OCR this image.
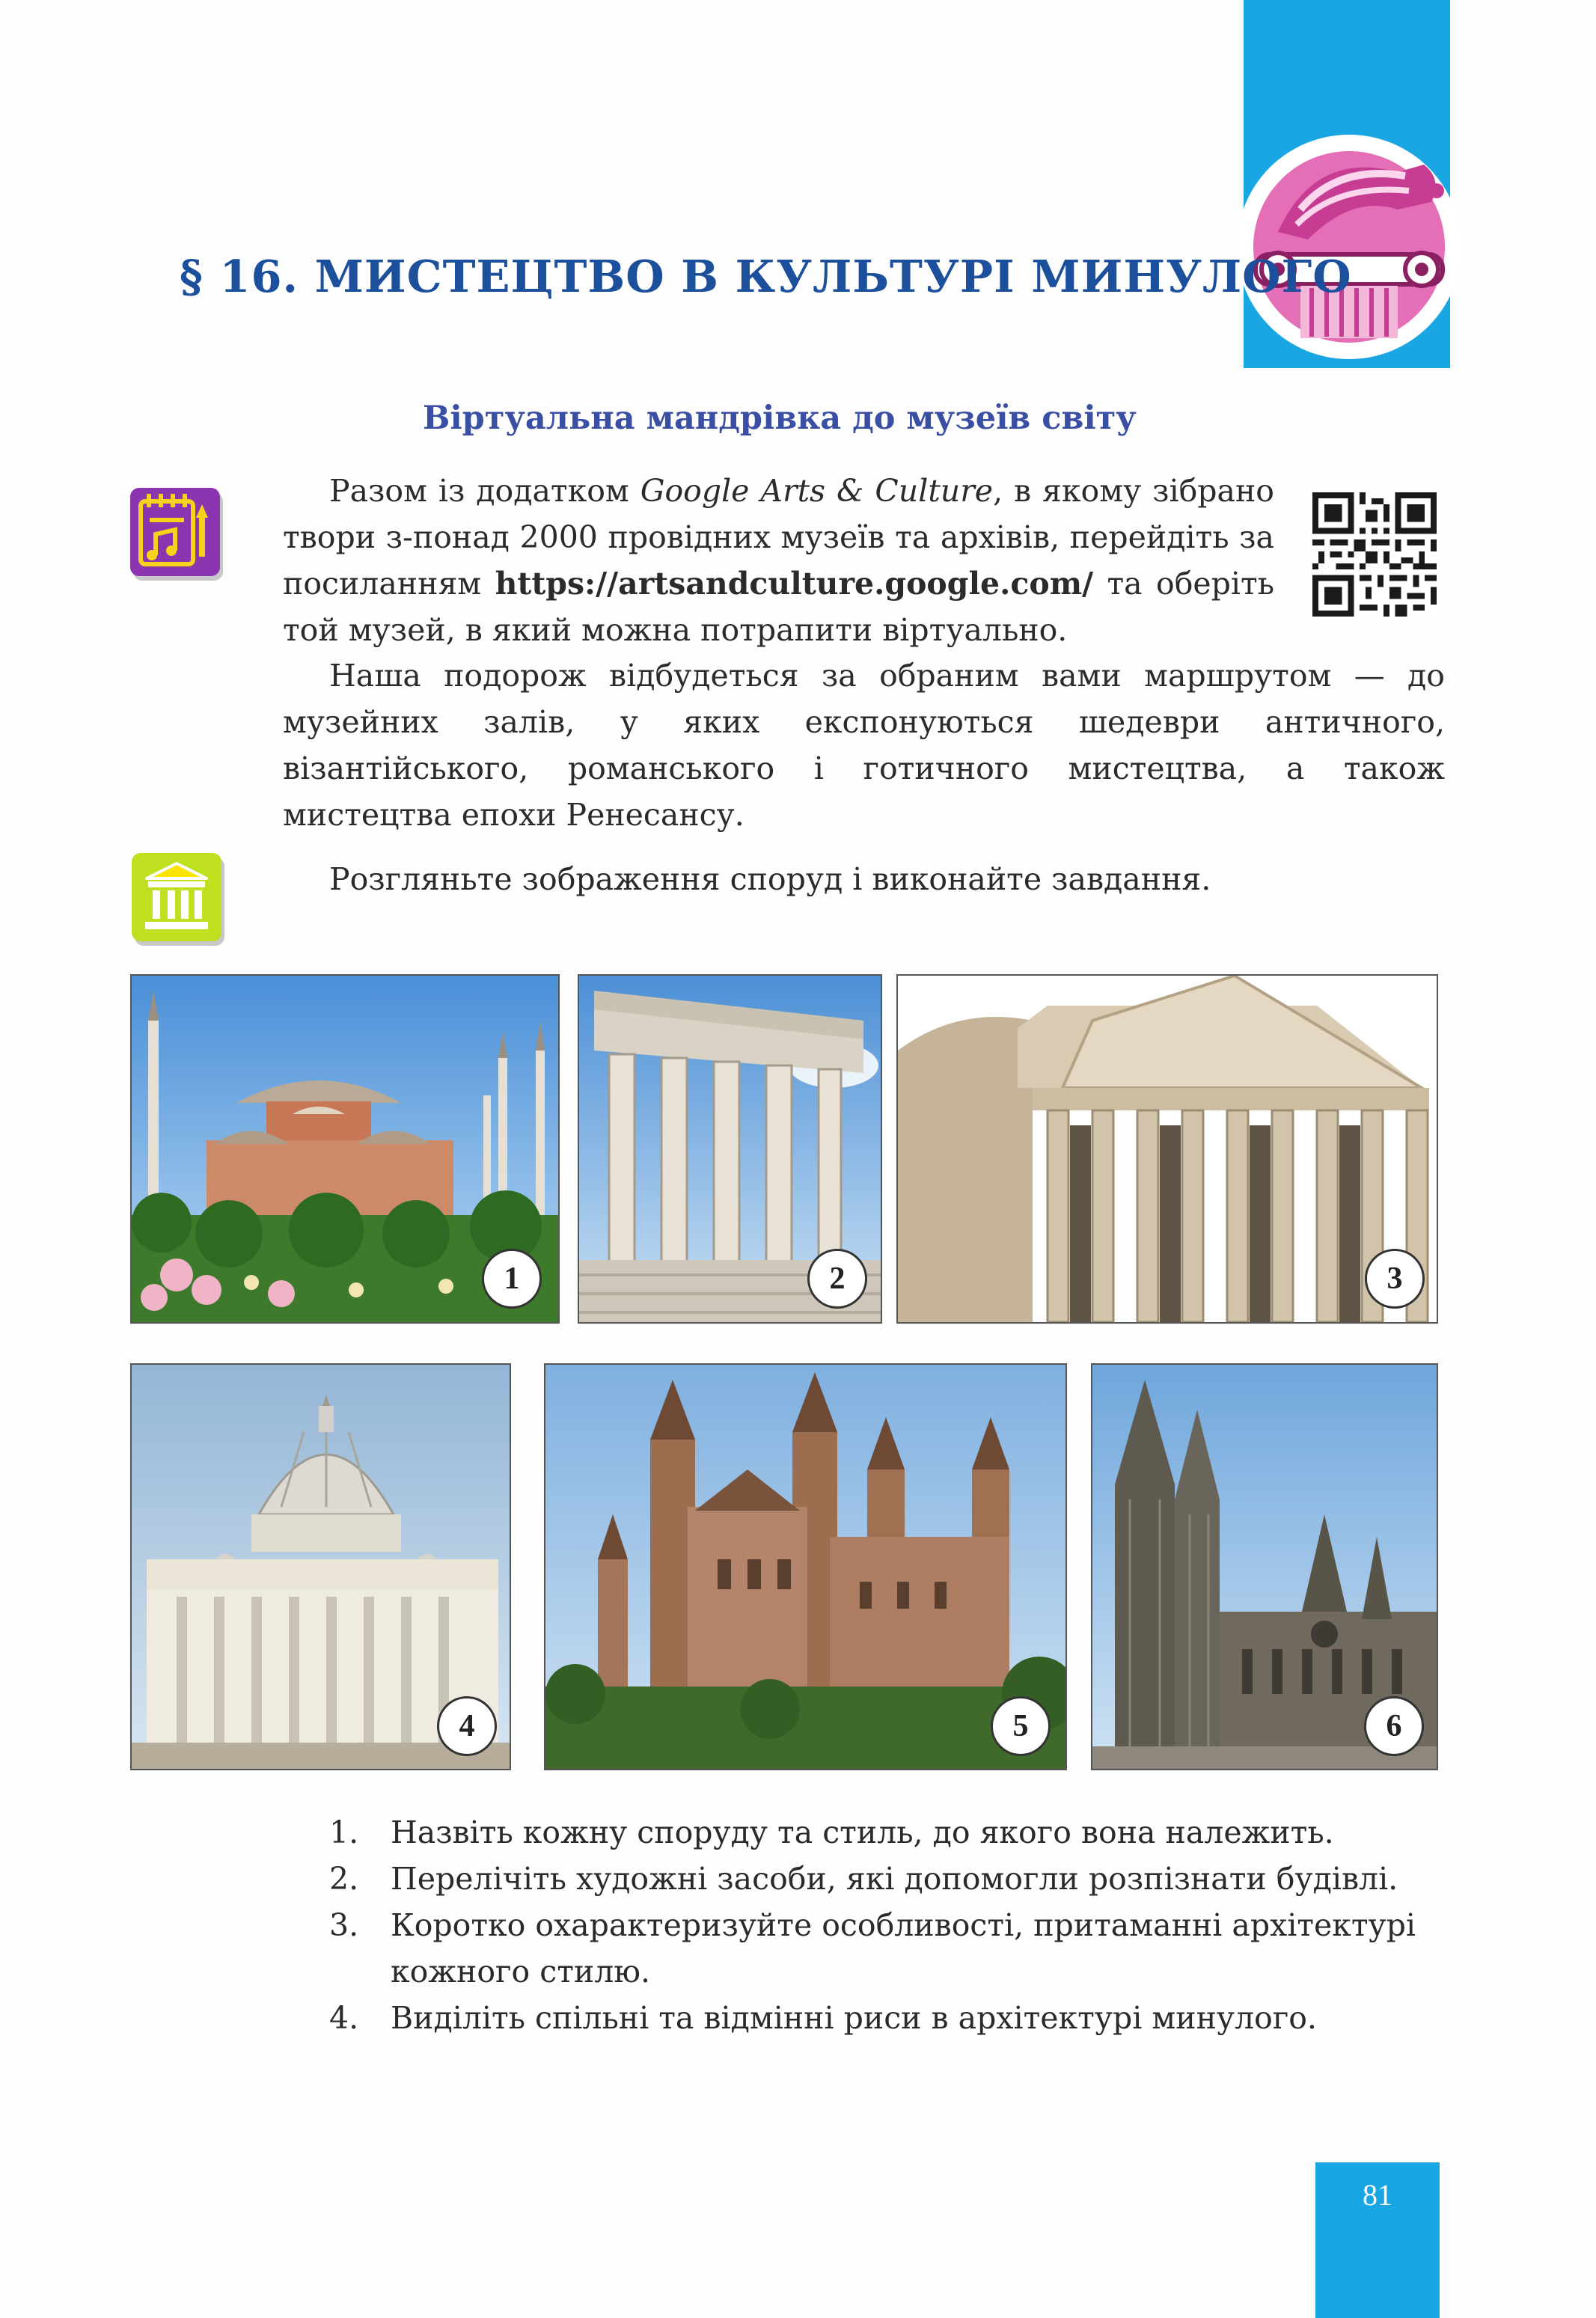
§ 16. МИСТЕЦТВО В КУЛЬТУРІ МИНУЛОГО
Віртуальна мандрівка до музеїв світу
Разом із додатком Google Arts & Culture, в якому зібрано твори з-понад 2000 провідних музеїв та архівів, перейдіть за посиланням https://artsandculture.google.com/ та оберіть той музей, в який можна потрапити віртуально.
Наша подорож відбудеться за обраним вами маршрутом — до музейних залів, у яких експонуються шедеври античного, візантійського, романського і готичного мистецтва, а також мистецтва епохи Ренесансу.
Розгляньте зображення споруд і виконайте завдання.
1	2	3
4	5	6
1. Назвіть кожну споруду та стиль, до якого вона належить.
2. Перелічіть художні засоби, які допомогли розпізнати будівлі.
3. Коротко охарактеризуйте особливості, притаманні архітектурі кожного стилю.
4. Виділіть спільні та відмінні риси в архітектурі минулого.
81
